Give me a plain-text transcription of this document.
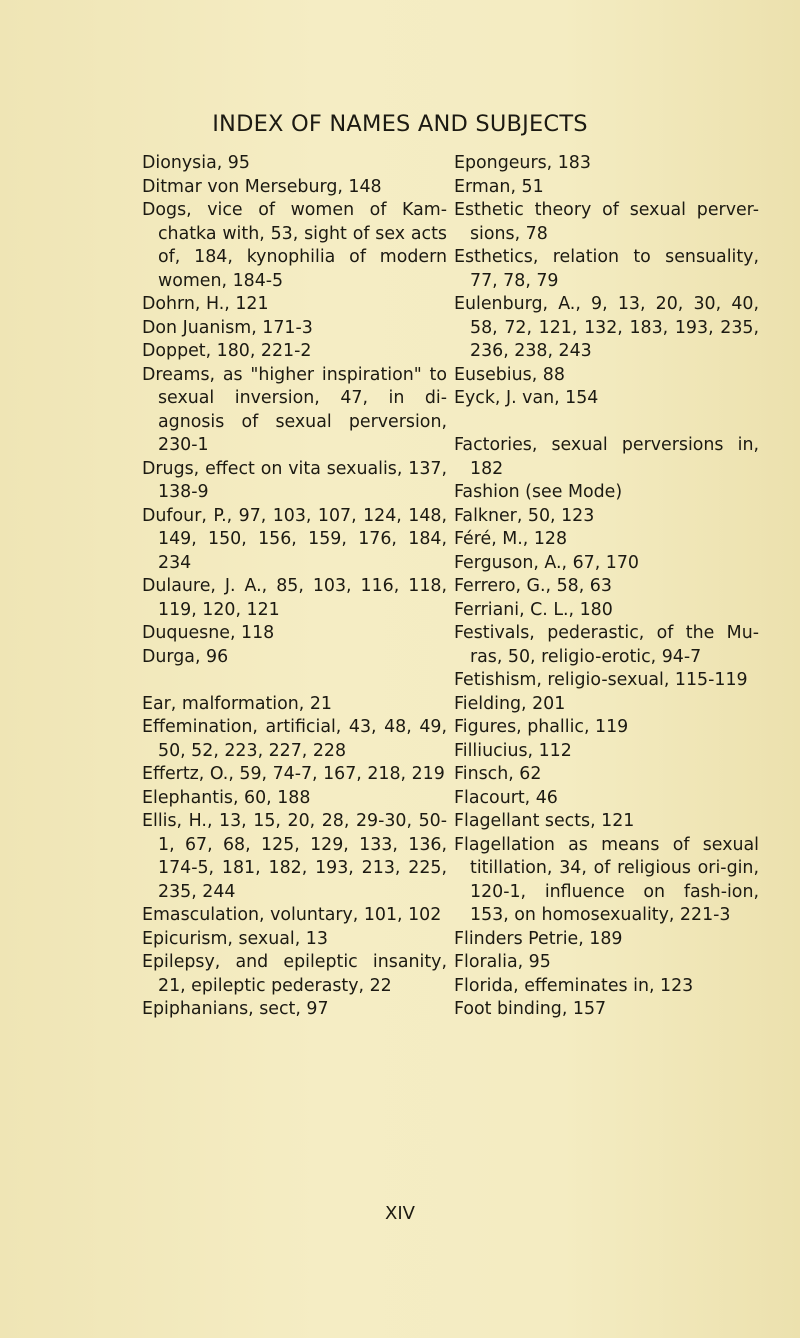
INDEX OF NAMES AND SUBJECTS
Dionysia, 95
Ditmar von Merseburg, 148
Dogs, vice of women of Kam-chatka with, 53, sight of sex acts of, 184, kynophilia of modern women, 184-5
Dohrn, H., 121
Don Juanism, 171-3
Doppet, 180, 221-2
Dreams, as "higher inspiration" to sexual inversion, 47, in di-agnosis of sexual perversion, 230-1
Drugs, effect on vita sexualis, 137, 138-9
Dufour, P., 97, 103, 107, 124, 148, 149, 150, 156, 159, 176, 184, 234
Dulaure, J. A., 85, 103, 116, 118, 119, 120, 121
Duquesne, 118
Durga, 96
Ear, malformation, 21
Effemination, artificial, 43, 48, 49, 50, 52, 223, 227, 228
Effertz, O., 59, 74-7, 167, 218, 219
Elephantis, 60, 188
Ellis, H., 13, 15, 20, 28, 29-30, 50-1, 67, 68, 125, 129, 133, 136, 174-5, 181, 182, 193, 213, 225, 235, 244
Emasculation, voluntary, 101, 102
Epicurism, sexual, 13
Epilepsy, and epileptic insanity, 21, epileptic pederasty, 22
Epiphanians, sect, 97
Epongeurs, 183
Erman, 51
Esthetic theory of sexual perver-sions, 78
Esthetics, relation to sensuality, 77, 78, 79
Eulenburg, A., 9, 13, 20, 30, 40, 58, 72, 121, 132, 183, 193, 235, 236, 238, 243
Eusebius, 88
Eyck, J. van, 154
Factories, sexual perversions in, 182
Fashion (see Mode)
Falkner, 50, 123
Féré, M., 128
Ferguson, A., 67, 170
Ferrero, G., 58, 63
Ferriani, C. L., 180
Festivals, pederastic, of the Mu-ras, 50, religio-erotic, 94-7
Fetishism, religio-sexual, 115-119
Fielding, 201
Figures, phallic, 119
Filliucius, 112
Finsch, 62
Flacourt, 46
Flagellant sects, 121
Flagellation as means of sexual titillation, 34, of religious ori-gin, 120-1, influence on fash-ion, 153, on homosexuality, 221-3
Flinders Petrie, 189
Floralia, 95
Florida, effeminates in, 123
Foot binding, 157
XIV
